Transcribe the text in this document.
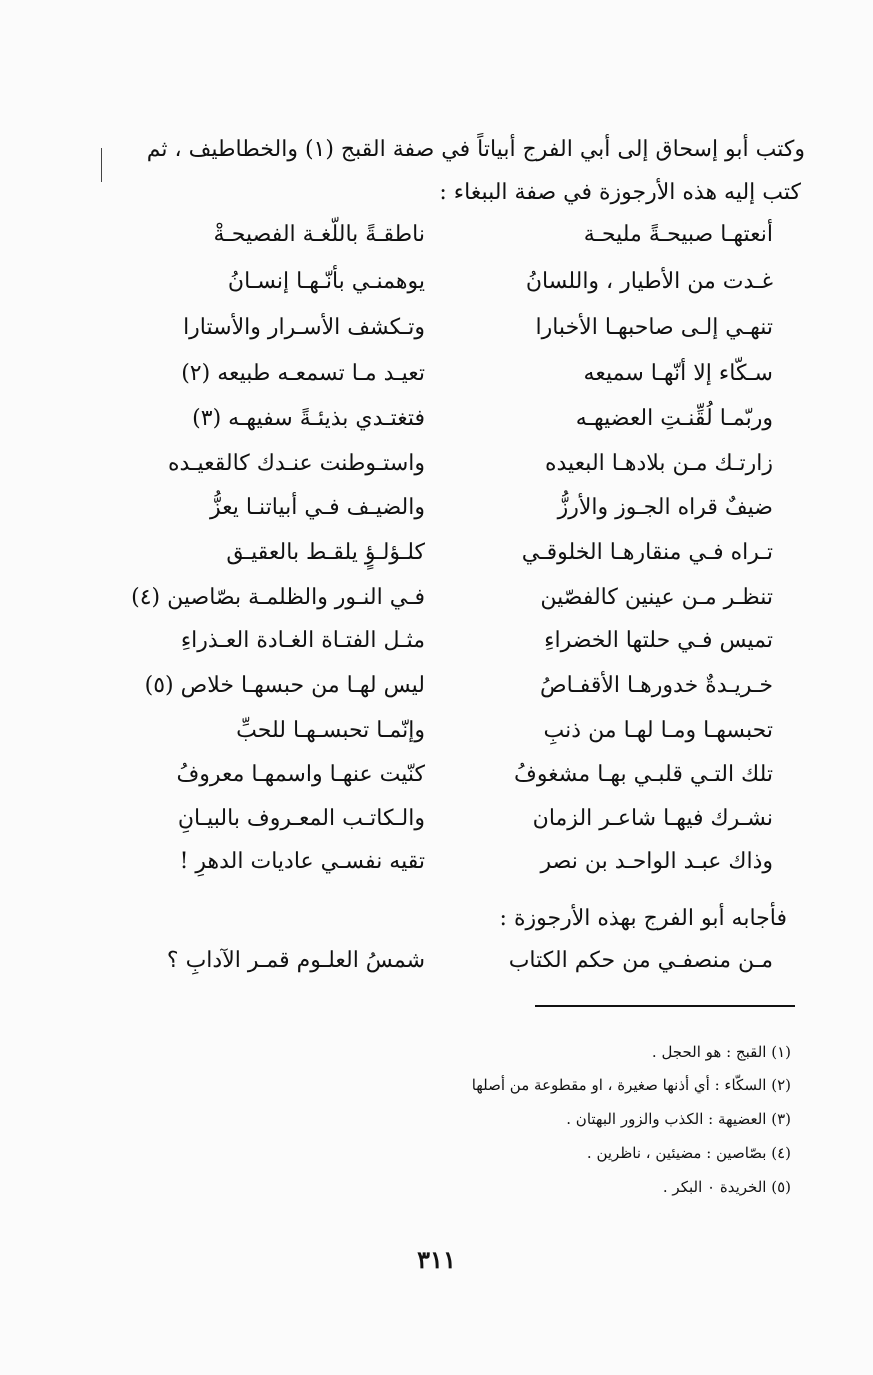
وكتب أبو إسحاق إلى أبي الفرج أبياتاً في صفة القبج (١) والخطاطيف ، ثم
كتب إليه هذه الأرجوزة في صفة الببغاء :
أنعتهـا صبيحـةً مليحـة
ناطقـةً باللّغـة الفصيحـةْ
غـدت من الأطيار ، واللسانُ
يوهمنـي بأنّـهـا إنسـانُ
تنهـي إلـى صاحبهـا الأخبارا
وتـكشف الأسـرار والأستارا
سـكّاء إلا أنّهـا سميعه
تعيـد مـا تسمعـه طبيعه (٢)
وربّمـا لُقِّنـتِ العضيهـه
فتغتـدي بذيئـةً سفيهـه (٣)
زارتـك مـن بلادهـا البعيده
واستـوطنت عنـدك كالقعيـده
ضيفٌ قراه الجـوز والأرزُّ
والضيـف فـي أبياتنـا يعزُّ
تـراه فـي منقارهـا الخلوقـي
كلـؤلـؤٍ يلقـط بالعقيـق
تنظـر مـن عينين كالفصّين
فـي النـور والظلمـة بصّاصين (٤)
تميس فـي حلتها الخضراءِ
مثـل الفتـاة الغـادة العـذراءِ
خـريـدةٌ خدورهـا الأقفـاصُ
ليس لهـا من حبسهـا خلاص (٥)
تحبسهـا ومـا لهـا من ذنبِ
وإنّمـا تحبسـهـا للحبِّ
تلك التـي قلبـي بهـا مشغوفُ
كنّيت عنهـا واسمهـا معروفُ
نشـرك فيهـا شاعـر الزمان
والـكاتـب المعـروف بالبيـانِ
وذاك عبـد الواحـد بن نصر
تقيه نفسـي عاديات الدهرِ !
فأجابه أبو الفرج بهذه الأرجوزة :
مـن منصفـي من حكم الكتاب
شمسُ العلـوم قمـر الآدابِ ؟
(١) القبج : هو الحجل .
(٢) السكّاء : أي أذنها صغيرة ، او مقطوعة من أصلها
(٣) العضيهة : الكذب والزور البهتان .
(٤) بصّاصين : مضيئين ، ناظرين .
(٥) الخريدة ٠ البكر .
٣١١
